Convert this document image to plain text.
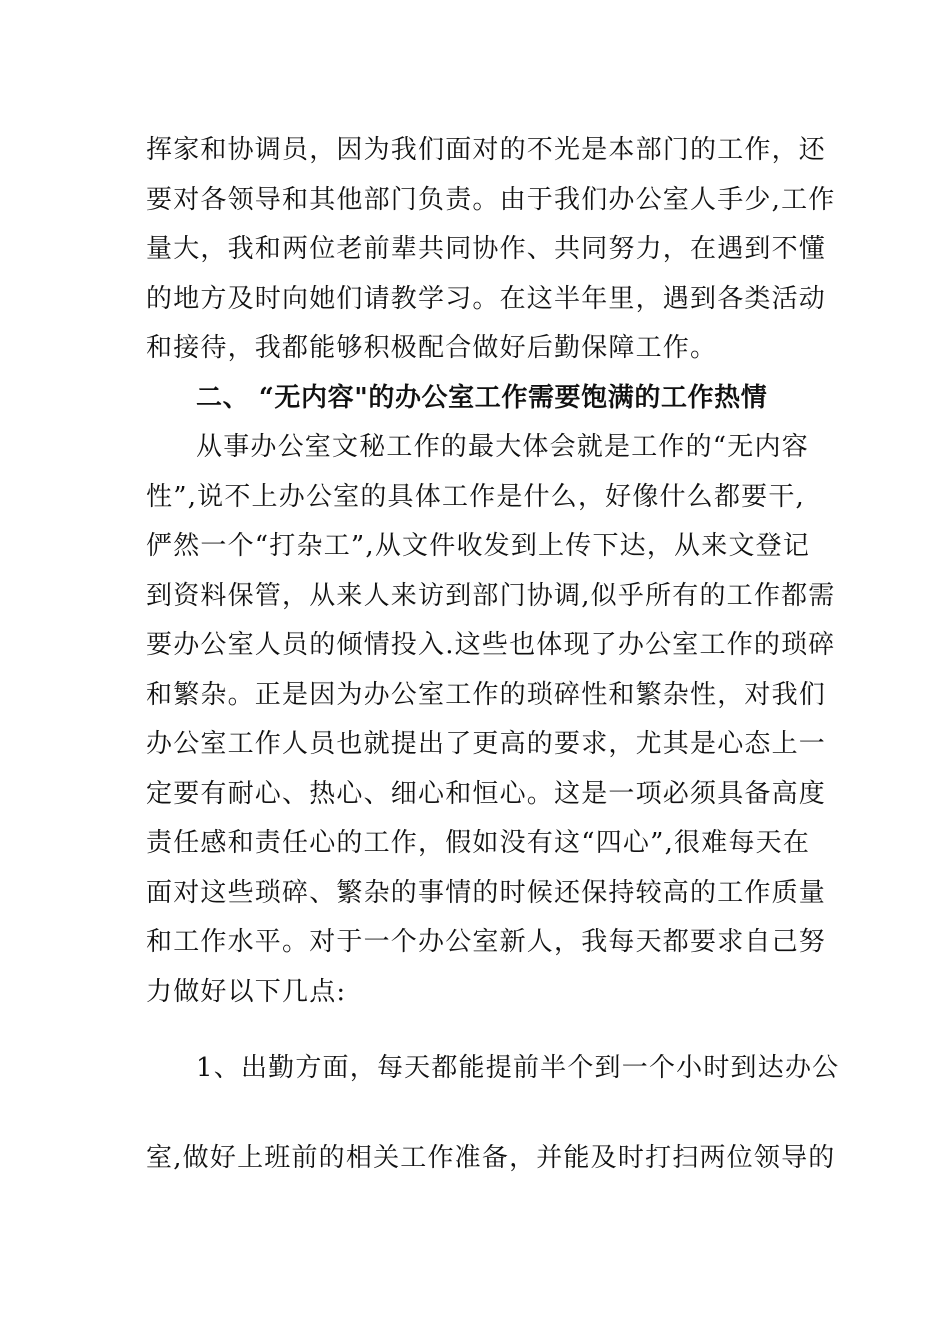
挥家和协调员，因为我们面对的不光是本部门的工作，还
要对各领导和其他部门负责。由于我们办公室人手少,工作
量大，我和两位老前辈共同协作、共同努力，在遇到不懂
的地方及时向她们请教学习。在这半年里，遇到各类活动
和接待，我都能够积极配合做好后勤保障工作。
二、 “无内容"的办公室工作需要饱满的工作热情
从事办公室文秘工作的最大体会就是工作的“无内容
性”,说不上办公室的具体工作是什么，好像什么都要干,
俨然一个“打杂工”,从文件收发到上传下达，从来文登记
到资料保管，从来人来访到部门协调,似乎所有的工作都需
要办公室人员的倾情投入.这些也体现了办公室工作的琐碎
和繁杂。正是因为办公室工作的琐碎性和繁杂性，对我们
办公室工作人员也就提出了更高的要求，尤其是心态上一
定要有耐心、热心、细心和恒心。这是一项必须具备高度
责任感和责任心的工作，假如没有这“四心”,很难每天在
面对这些琐碎、繁杂的事情的时候还保持较高的工作质量
和工作水平。对于一个办公室新人，我每天都要求自己努
力做好以下几点:
1、出勤方面，每天都能提前半个到一个小时到达办公
室,做好上班前的相关工作准备，并能及时打扫两位领导的
